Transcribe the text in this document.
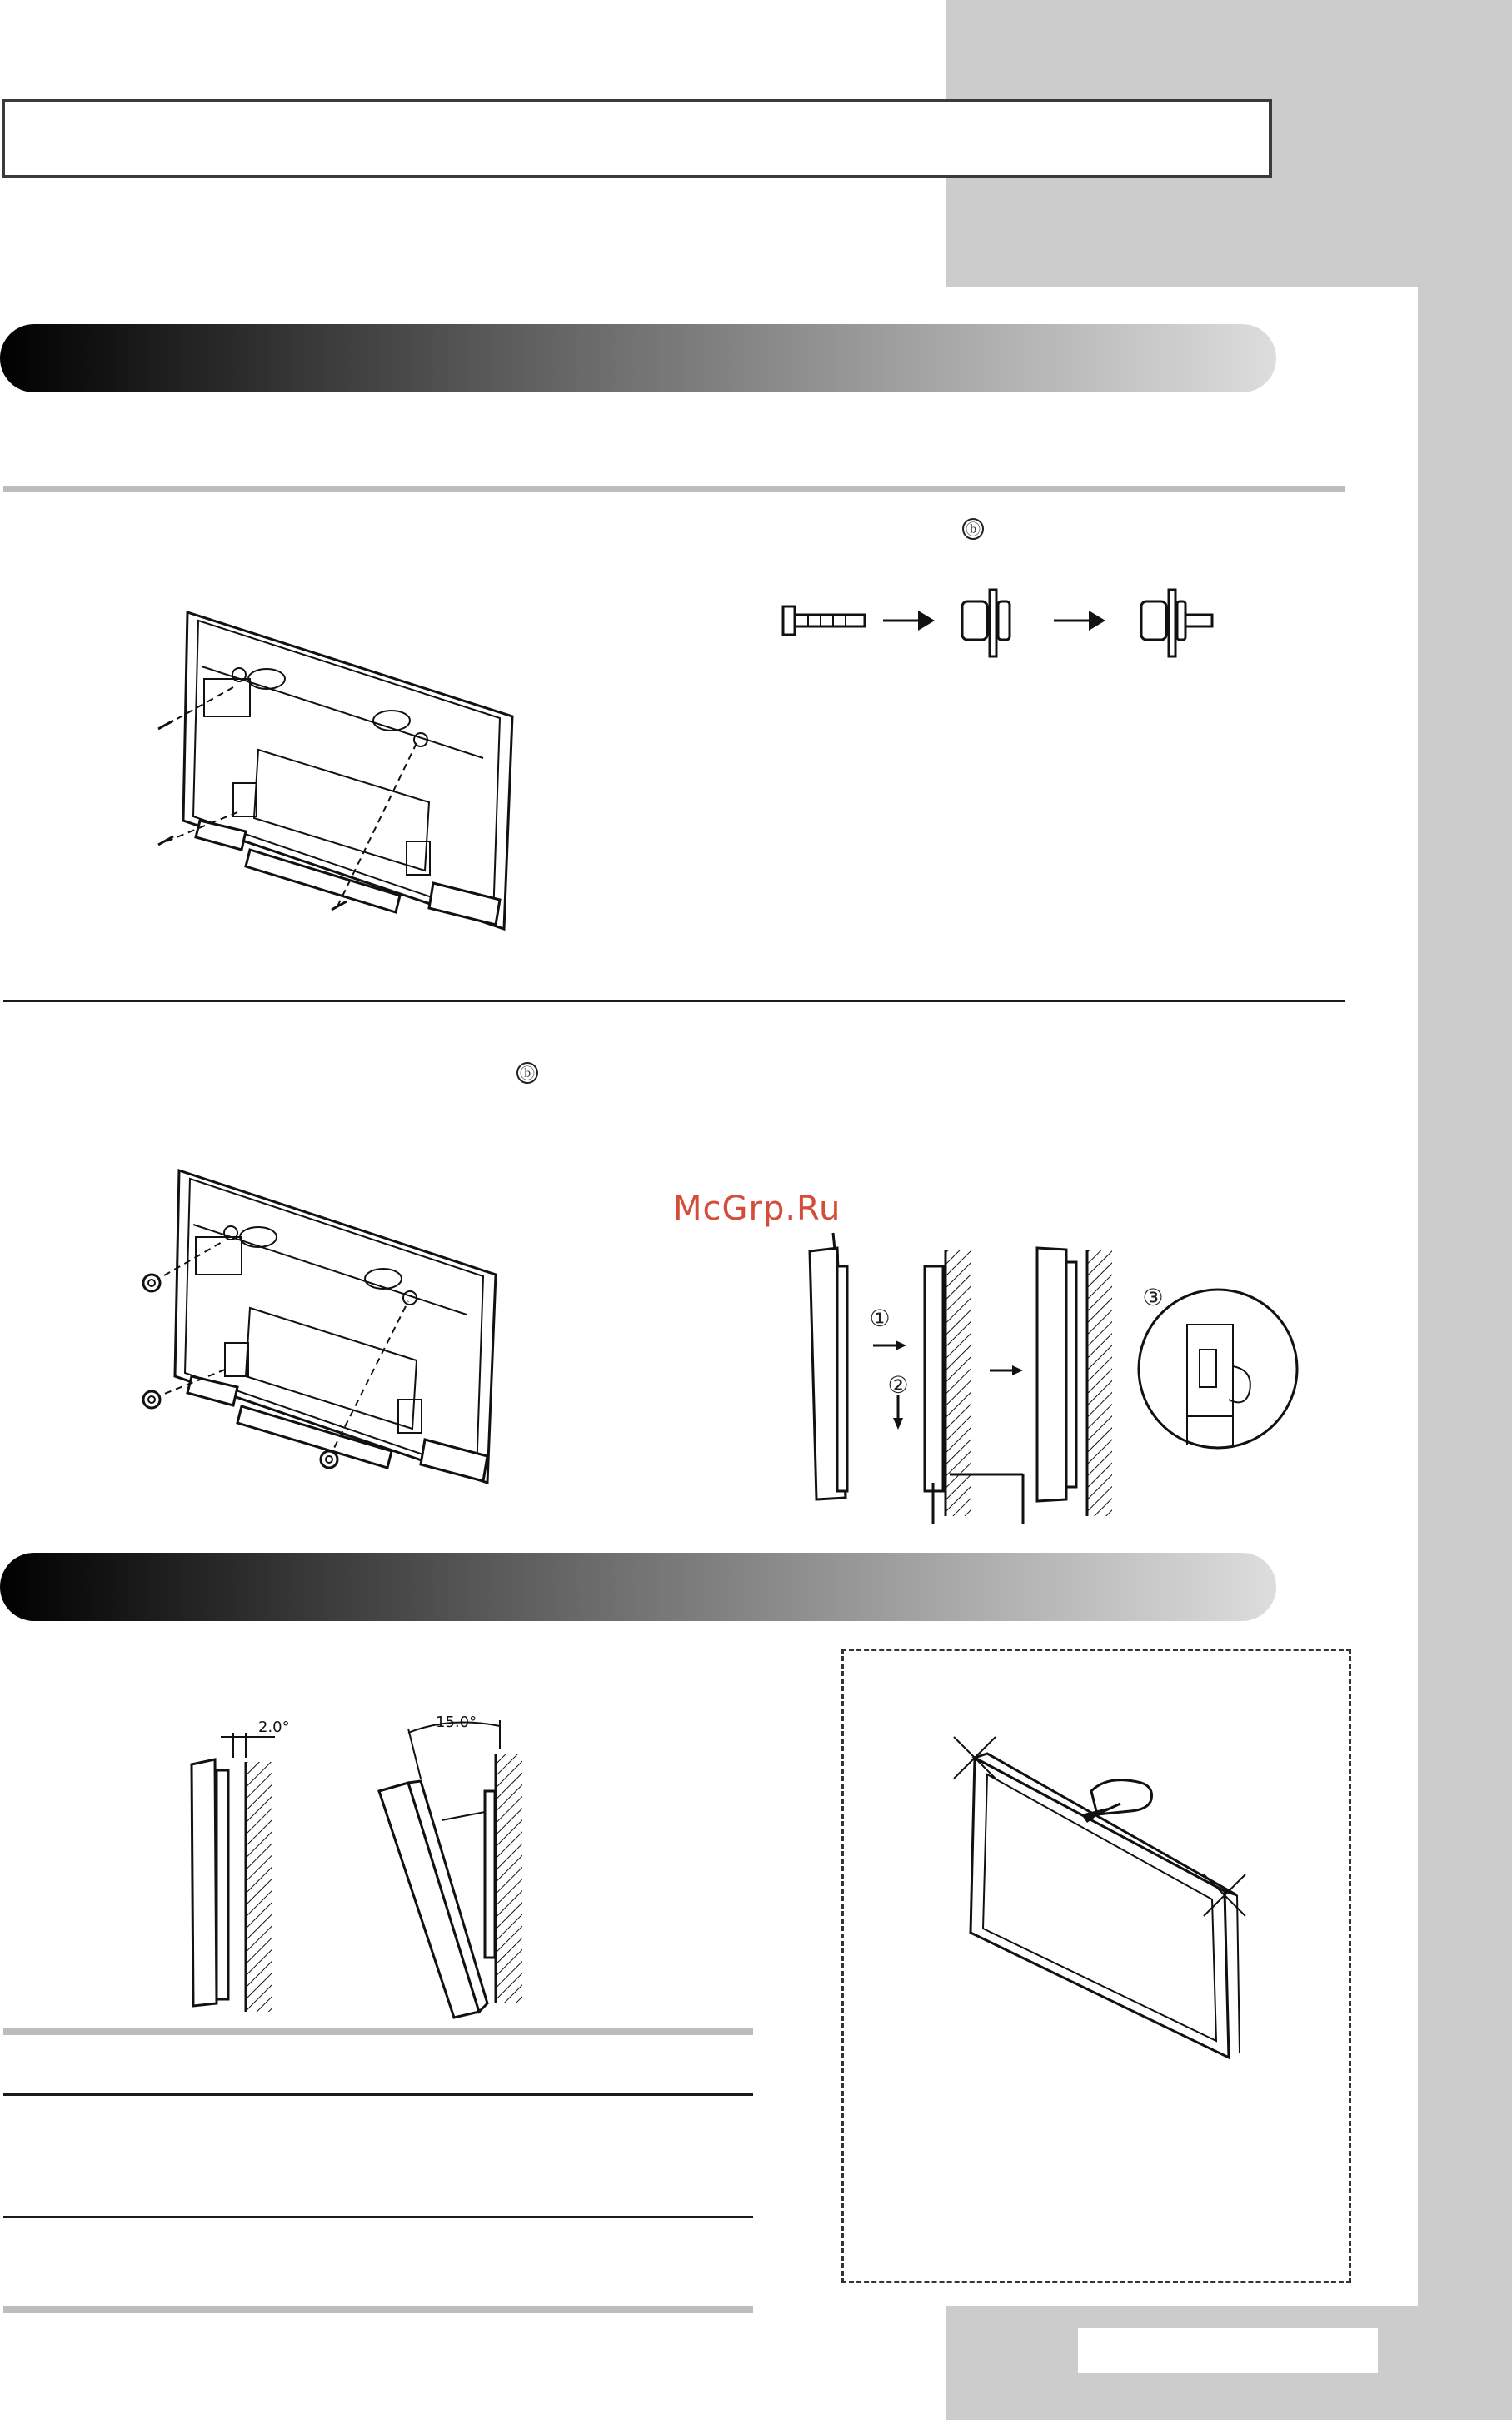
ⓑ
ⓑ
McGrp.Ru
①
②
③
2.0°	15.0°
